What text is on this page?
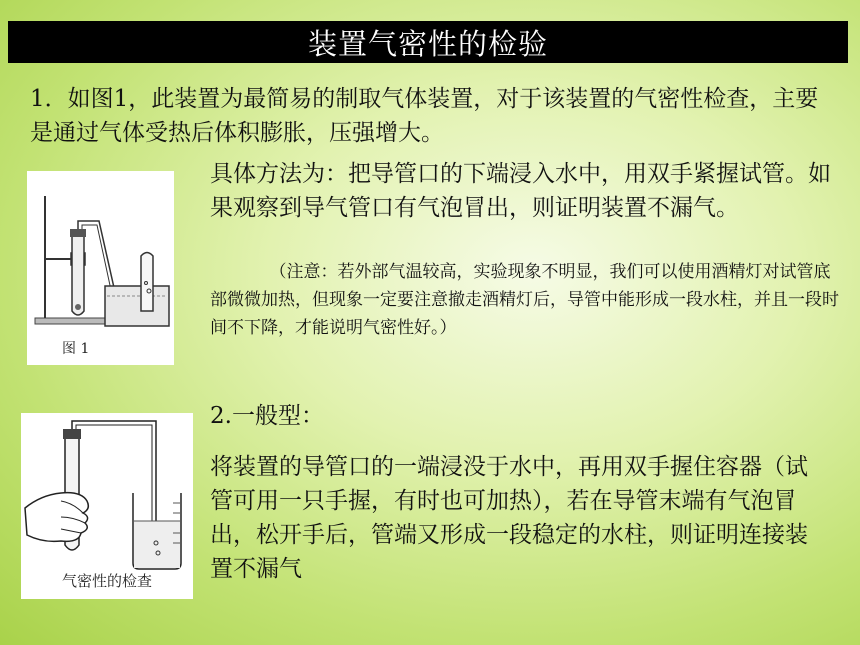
装置气密性的检验

1．如图1，此装置为最简易的制取气体装置，对于该装置的气密性检查，主要是通过气体受热后体积膨胀，压强增大。

图 1

具体方法为：把导管口的下端浸入水中，用双手紧握试管。如果观察到导气管口有气泡冒出，则证明装置不漏气。

（注意：若外部气温较高，实验现象不明显，我们可以使用酒精灯对试管底部微微加热，但现象一定要注意撤走酒精灯后，导管中能形成一段水柱，并且一段时间不下降，才能说明气密性好。）

2.一般型：

气密性的检查

将装置的导管口的一端浸没于水中，再用双手握住容器（试管可用一只手握，有时也可加热），若在导管末端有气泡冒出，松开手后，管端又形成一段稳定的水柱，则证明连接装置不漏气
